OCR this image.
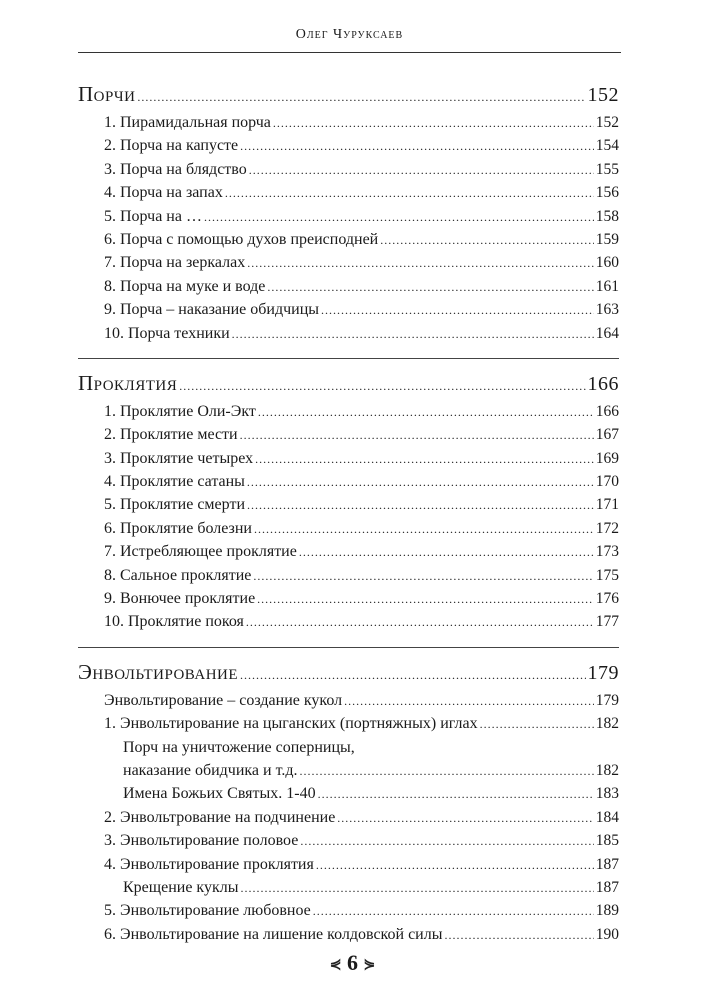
Олег Чуруксаев
Порчи .....	152
1. Пирамидальная порча .....	152
2. Порча на капусте .....	154
3. Порча на блядство .....	155
4. Порча на запах .....	156
5. Порча на … .....	158
6. Порча с помощью духов преисподней .....	159
7. Порча на зеркалах .....	160
8. Порча на муке и воде .....	161
9. Порча – наказание обидчицы .....	163
10. Порча техники .....	164
Проклятия .....	166
1. Проклятие Оли-Экт .....	166
2. Проклятие мести .....	167
3. Проклятие четырех .....	169
4. Проклятие сатаны .....	170
5. Проклятие смерти .....	171
6. Проклятие болезни .....	172
7. Истребляющее проклятие .....	173
8. Сальное проклятие .....	175
9. Вонючее проклятие .....	176
10. Проклятие покоя .....	177
Энвольтирование .....	179
Энвольтирование – создание кукол .....	179
1. Энвольтирование на цыганских (портняжных) иглах .....	182
Порч на уничтожение соперницы,
наказание обидчика и т.д. .....	182
Имена Божьих Святых. 1-40 .....	183
2. Энвольтрование на подчинение .....	184
3. Энвольтирование половое .....	185
4. Энвольтирование проклятия .....	187
Крещение куклы .....	187
5. Энвольтирование любовное .....	189
6. Энвольтирование на лишение колдовской силы .....	190
⋞ 6 ⋟
